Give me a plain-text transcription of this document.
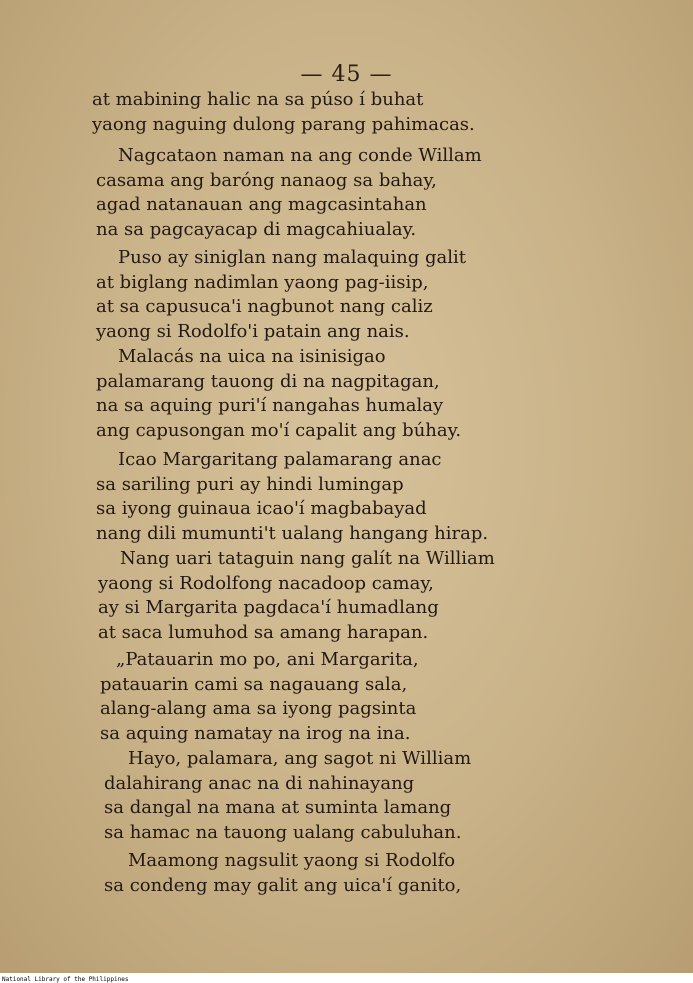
— 45 —
at mabining halic na sa púso í buhat
yaong naguing dulong parang pahimacas.
Nagcataon naman na ang conde Willam
casama ang baróng nanaog sa bahay,
agad natanauan ang magcasintahan
na sa pagcayacap di magcahiualay.
Puso ay siniglan nang malaquing galit
at biglang nadimlan yaong pag-iisip,
at sa capusuca'i nagbunot nang caliz
yaong si Rodolfo'i patain ang nais.
Malacás na uica na isinisigao
palamarang tauong di na nagpitagan,
na sa aquing puri'í nangahas humalay
ang capusongan mo'í capalit ang búhay.
Icao Margaritang palamarang anac
sa sariling puri ay hindi lumingap
sa iyong guinaua icao'í magbabayad
nang dili mumunti't ualang hangang hirap.
Nang uari tataguin nang galít na William
yaong si Rodolfong nacadoop camay,
ay si Margarita pagdaca'í humadlang
at saca lumuhod sa amang harapan.
„Patauarin mo po, ani Margarita,
patauarin cami sa nagauang sala,
alang-alang ama sa iyong pagsinta
sa aquing namatay na irog na ina.
Hayo, palamara, ang sagot ni William
dalahirang anac na di nahinayang
sa dangal na mana at suminta lamang
sa hamac na tauong ualang cabuluhan.
Maamong nagsulit yaong si Rodolfo
sa condeng may galit ang uica'í ganito,
National Library of the Philippines
